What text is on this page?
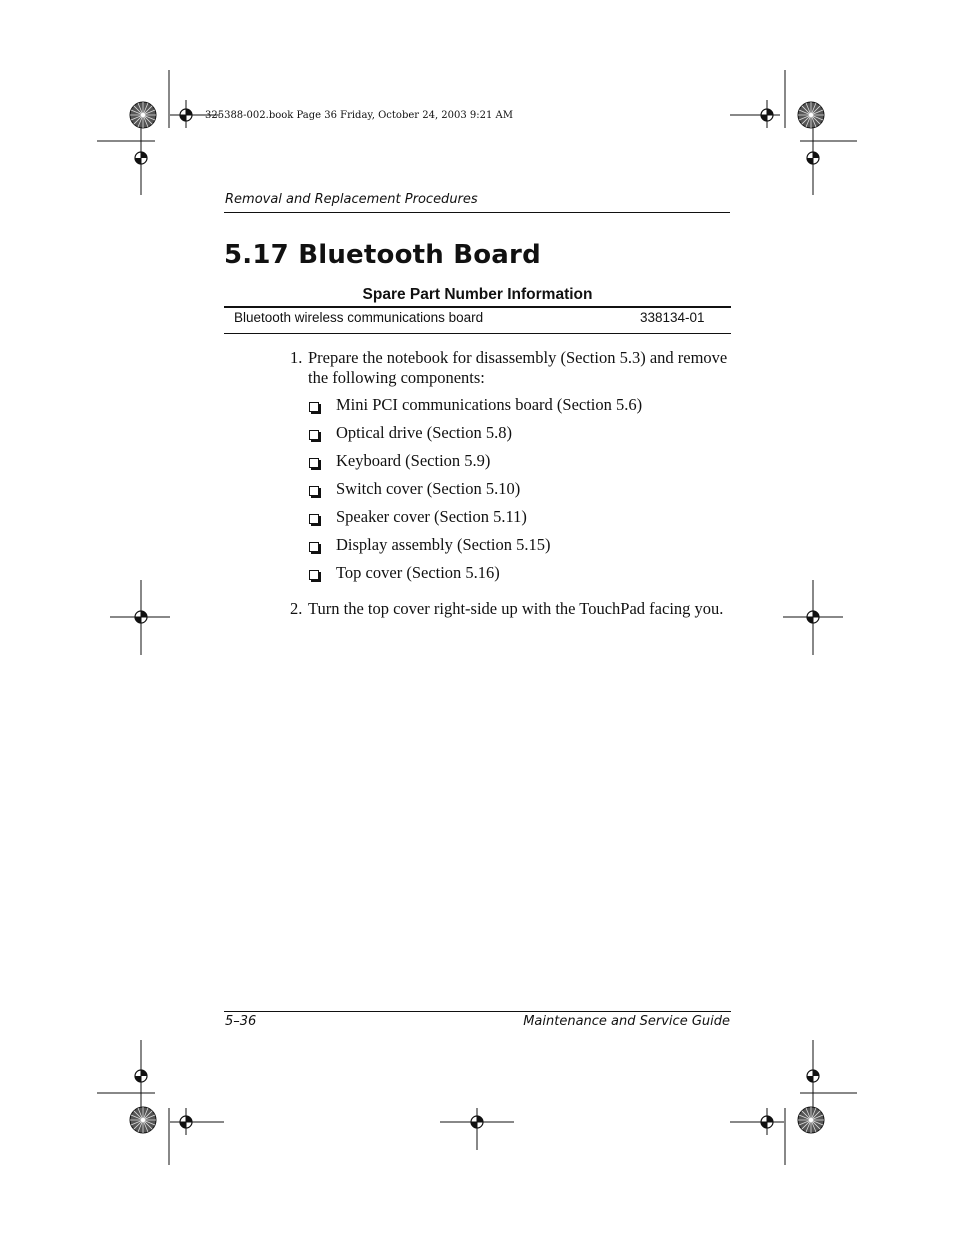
325388-002.book Page 36 Friday, October 24, 2003 9:21 AM
Removal and Replacement Procedures
5.17 Bluetooth Board
Spare Part Number Information
Bluetooth wireless communications board	338134-01
1. Prepare the notebook for disassembly (Section 5.3) and remove the following components:
Mini PCI communications board (Section 5.6)
Optical drive (Section 5.8)
Keyboard (Section 5.9)
Switch cover (Section 5.10)
Speaker cover (Section 5.11)
Display assembly (Section 5.15)
Top cover (Section 5.16)
2. Turn the top cover right-side up with the TouchPad facing you.
5–36	Maintenance and Service Guide
